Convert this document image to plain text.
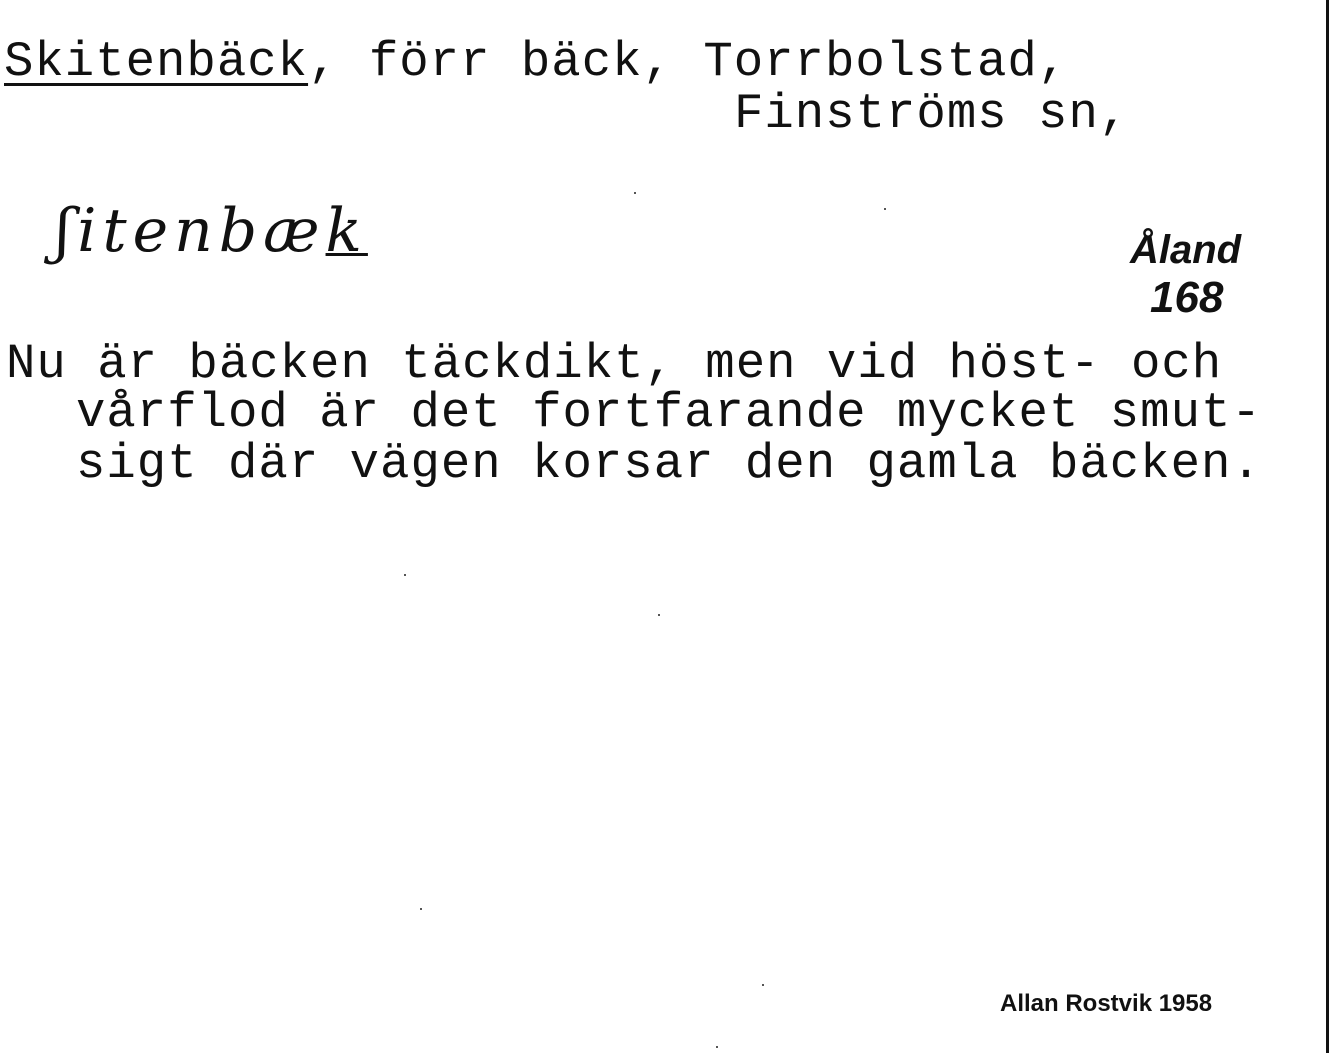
Skitenbäck, förr bäck, Torrbolstad,
Finströms sn,
ʃitenbæk	Åland
168
Nu är bäcken täckdikt, men vid höst- och
vårflod är det fortfarande mycket smut-
sigt där vägen korsar den gamla bäcken.
Allan Rostvik 1958
